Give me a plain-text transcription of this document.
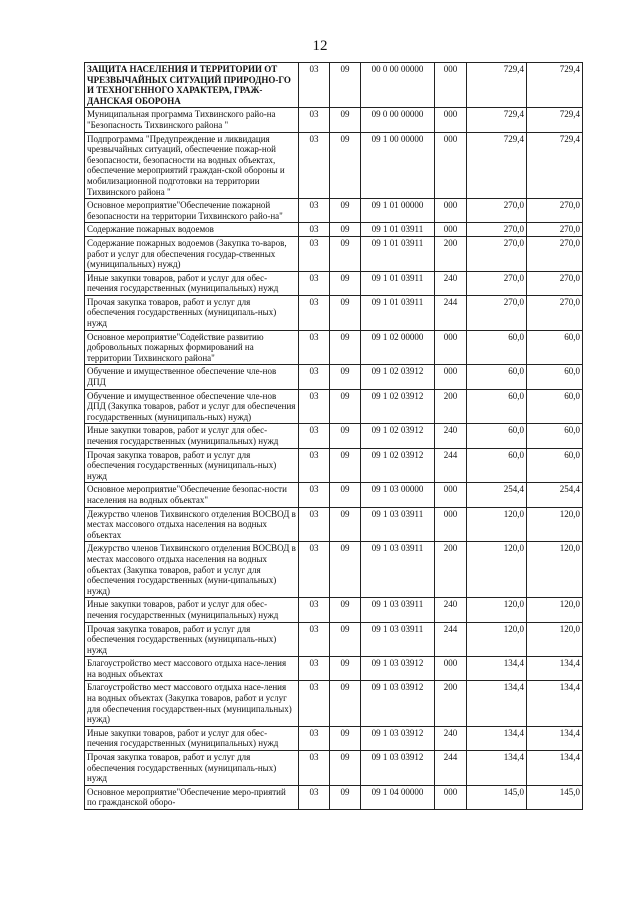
12
ЗАЩИТА НАСЕЛЕНИЯ И ТЕРРИТОРИИ ОТ ЧРЕЗВЫЧАЙНЫХ СИТУАЦИЙ ПРИРОДНО-ГО И ТЕХНОГЕННОГО ХАРАКТЕРА, ГРАЖ-ДАНСКАЯ ОБОРОНА	03	09	00 0 00 00000	000	729,4	729,4
Муниципальная программа Тихвинского райо-на "Безопасность Тихвинского района "	03	09	09 0 00 00000	000	729,4	729,4
Подпрограмма "Предупреждение и ликвидация чрезвычайных ситуаций, обеспечение пожар-ной безопасности, безопасности на водных объектах, обеспечение мероприятий граждан-ской обороны и мобилизационной подготовки на территории Тихвинского района "	03	09	09 1 00 00000	000	729,4	729,4
Основное мероприятие"Обеспечение пожарной безопасности на территории Тихвинского райо-на"	03	09	09 1 01 00000	000	270,0	270,0
Содержание пожарных водоемов	03	09	09 1 01 03911	000	270,0	270,0
Содержание пожарных водоемов (Закупка то-варов, работ и услуг для обеспечения государ-ственных (муниципальных) нужд)	03	09	09 1 01 03911	200	270,0	270,0
Иные закупки товаров, работ и услуг для обес-печения государственных (муниципальных) нужд	03	09	09 1 01 03911	240	270,0	270,0
Прочая закупка товаров, работ и услуг для обеспечения государственных (муниципаль-ных) нужд	03	09	09 1 01 03911	244	270,0	270,0
Основное мероприятие"Содействие развитию добровольных пожарных формирований на территории Тихвинского района"	03	09	09 1 02 00000	000	60,0	60,0
Обучение и имущественное обеспечение чле-нов ДПД	03	09	09 1 02 03912	000	60,0	60,0
Обучение и имущественное обеспечение чле-нов ДПД (Закупка товаров, работ и услуг для обеспечения государственных (муниципаль-ных) нужд)	03	09	09 1 02 03912	200	60,0	60,0
Иные закупки товаров, работ и услуг для обес-печения государственных (муниципальных) нужд	03	09	09 1 02 03912	240	60,0	60,0
Прочая закупка товаров, работ и услуг для обеспечения государственных (муниципаль-ных) нужд	03	09	09 1 02 03912	244	60,0	60,0
Основное мероприятие"Обеспечение безопас-ности населения на водных объектах"	03	09	09 1 03 00000	000	254,4	254,4
Дежурство членов Тихвинского отделения ВОСВОД в местах массового отдыха населения на водных объектах	03	09	09 1 03 03911	000	120,0	120,0
Дежурство членов Тихвинского отделения ВОСВОД в местах массового отдыха населения на водных объектах (Закупка товаров, работ и услуг для обеспечения государственных (муни-ципальных) нужд)	03	09	09 1 03 03911	200	120,0	120,0
Иные закупки товаров, работ и услуг для обес-печения государственных (муниципальных) нужд	03	09	09 1 03 03911	240	120,0	120,0
Прочая закупка товаров, работ и услуг для обеспечения государственных (муниципаль-ных) нужд	03	09	09 1 03 03911	244	120,0	120,0
Благоустройство мест массового отдыха насе-ления на водных объектах	03	09	09 1 03 03912	000	134,4	134,4
Благоустройство мест массового отдыха насе-ления на водных объектах (Закупка товаров, работ и услуг для обеспечения государствен-ных (муниципальных) нужд)	03	09	09 1 03 03912	200	134,4	134,4
Иные закупки товаров, работ и услуг для обес-печения государственных (муниципальных) нужд	03	09	09 1 03 03912	240	134,4	134,4
Прочая закупка товаров, работ и услуг для обеспечения государственных (муниципаль-ных) нужд	03	09	09 1 03 03912	244	134,4	134,4
Основное мероприятие"Обеспечение меро-приятий по гражданской оборо-	03	09	09 1 04 00000	000	145,0	145,0
